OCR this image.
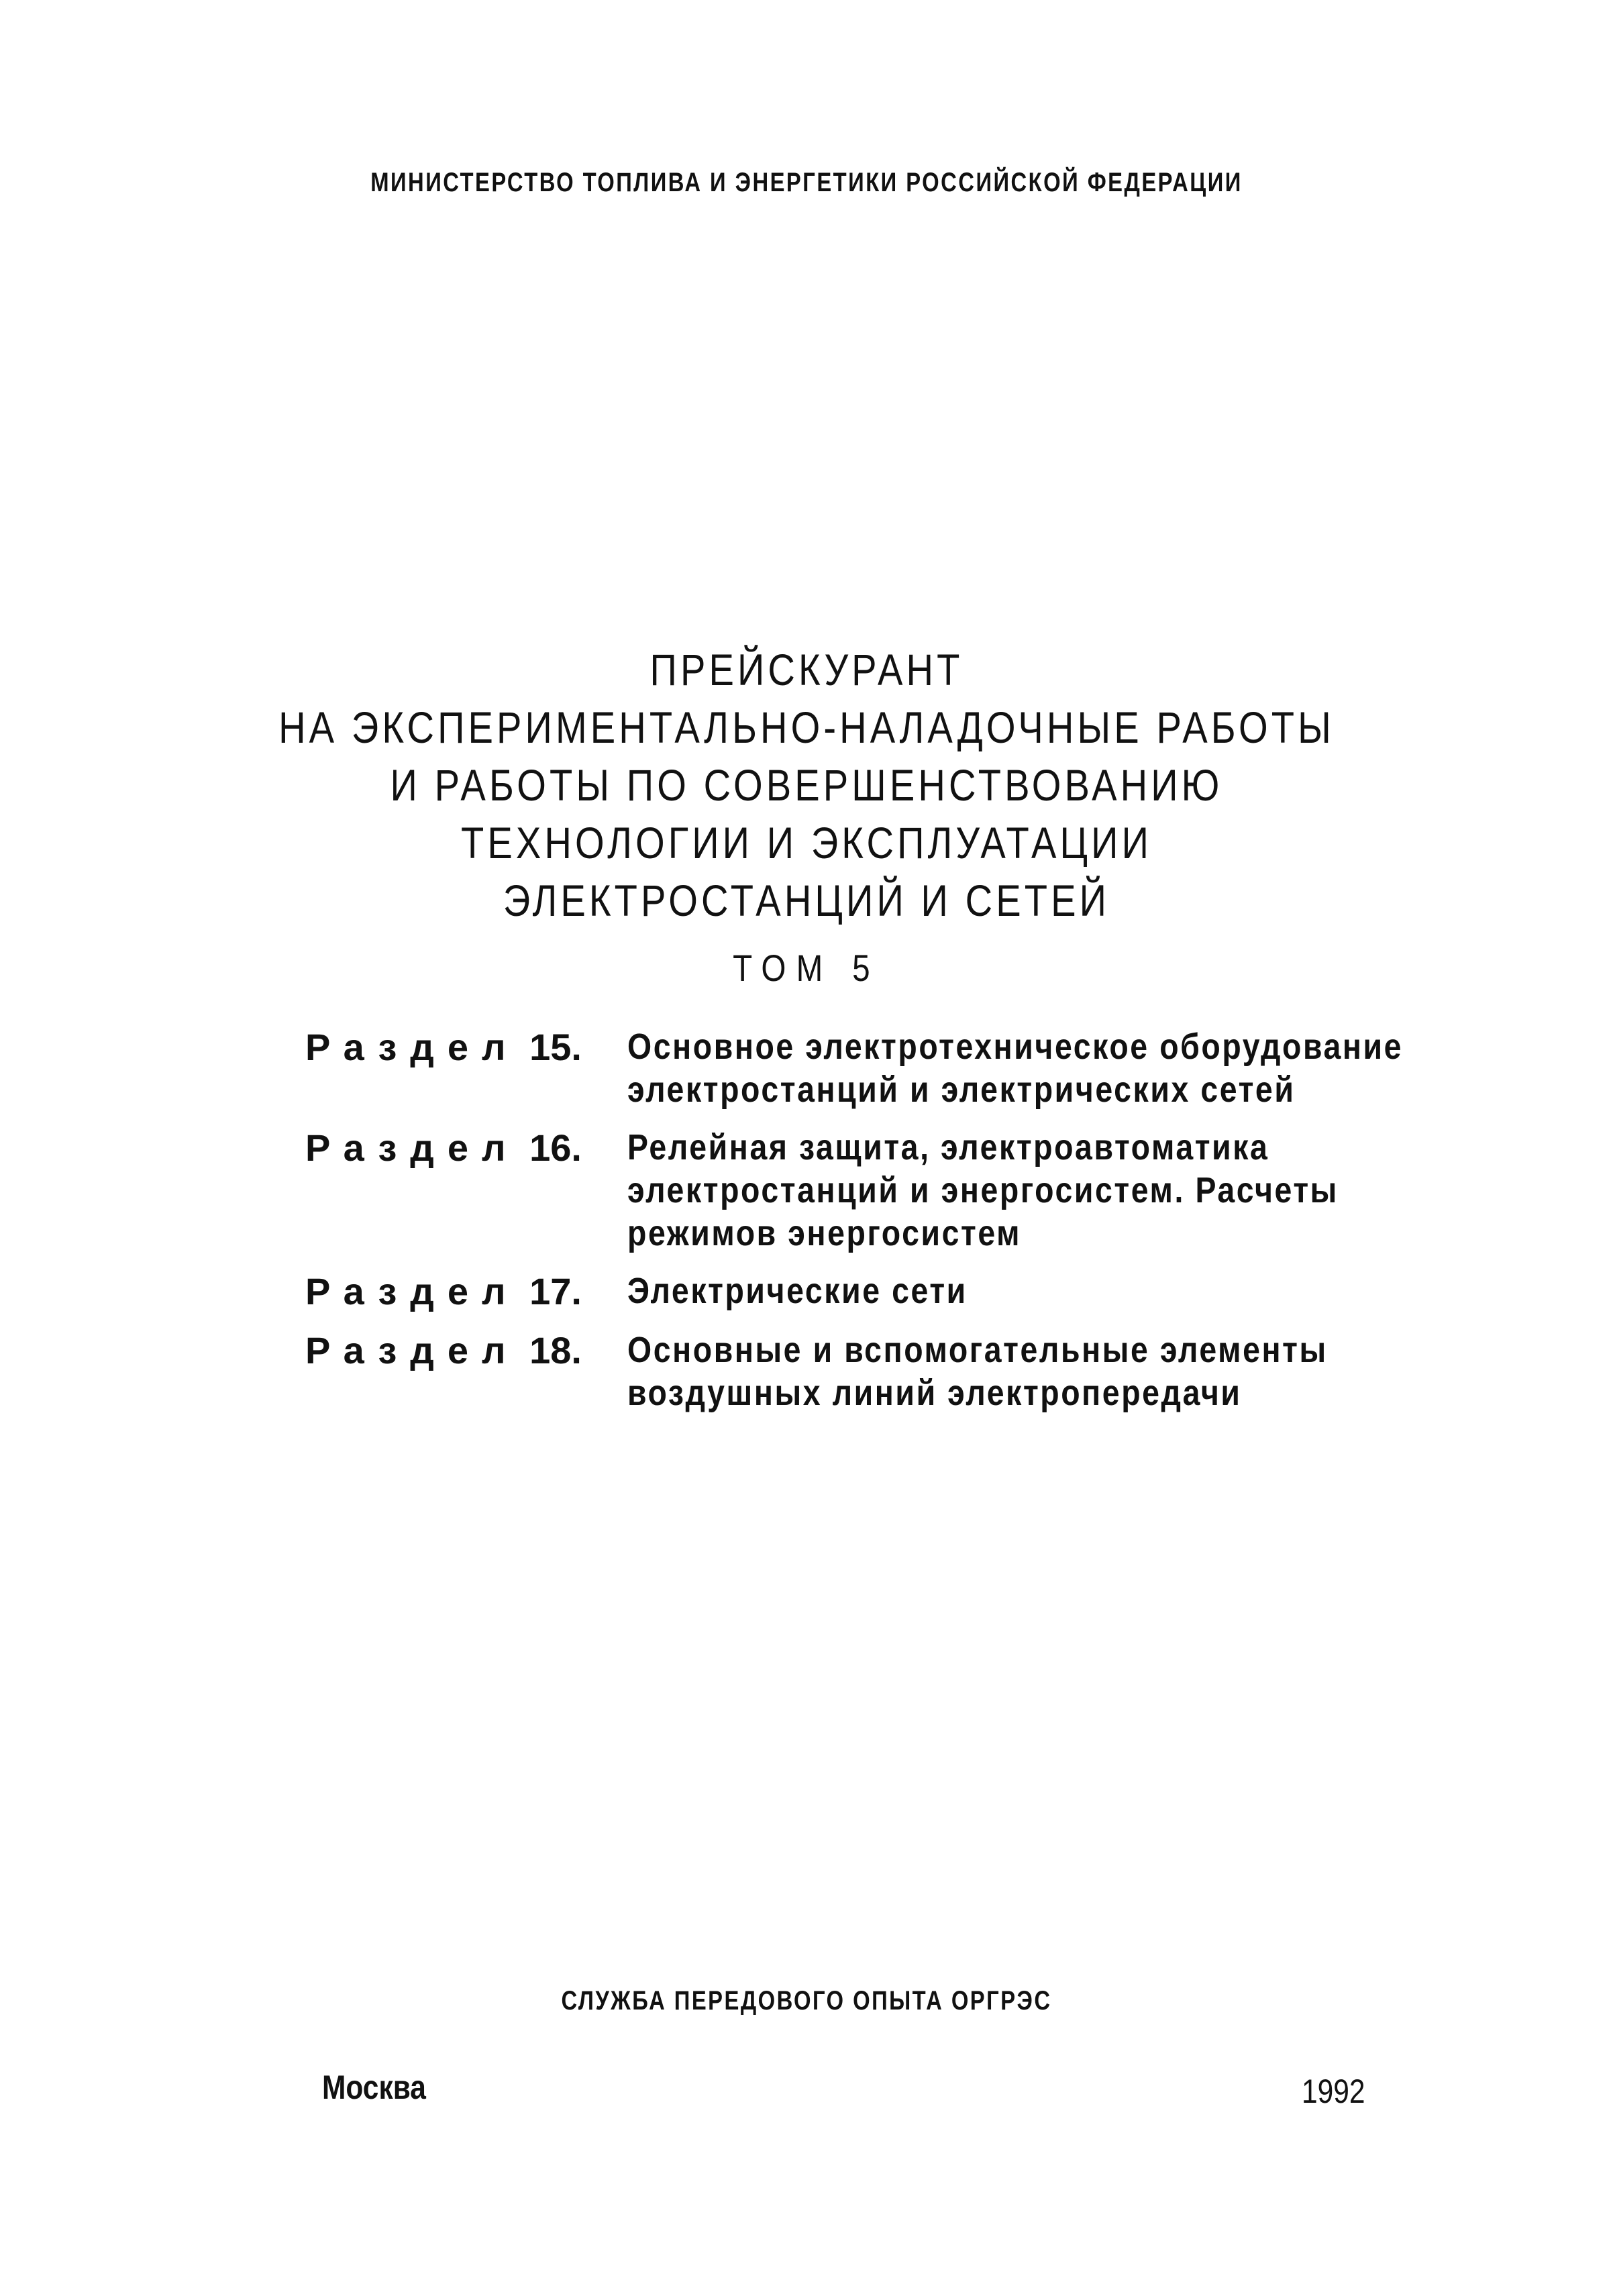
МИНИСТЕРСТВО ТОПЛИВА И ЭНЕРГЕТИКИ РОССИЙСКОЙ ФЕДЕРАЦИИ
ПРЕЙСКУРАНТ
НА ЭКСПЕРИМЕНТАЛЬНО-НАЛАДОЧНЫЕ РАБОТЫ
И РАБОТЫ ПО СОВЕРШЕНСТВОВАНИЮ
ТЕХНОЛОГИИ И ЭКСПЛУАТАЦИИ
ЭЛЕКТРОСТАНЦИЙ И СЕТЕЙ
ТОМ 5
Раздел 15.	Основное электротехническое оборудование
электростанций и электрических сетей
Раздел 16.	Релейная защита, электроавтоматика
электростанций и энергосистем. Расчеты
режимов энергосистем
Раздел 17.	Электрические сети
Раздел 18.	Основные и вспомогательные элементы
воздушных линий электропередачи
СЛУЖБА ПЕРЕДОВОГО ОПЫТА ОРГРЭС
Москва	1992
